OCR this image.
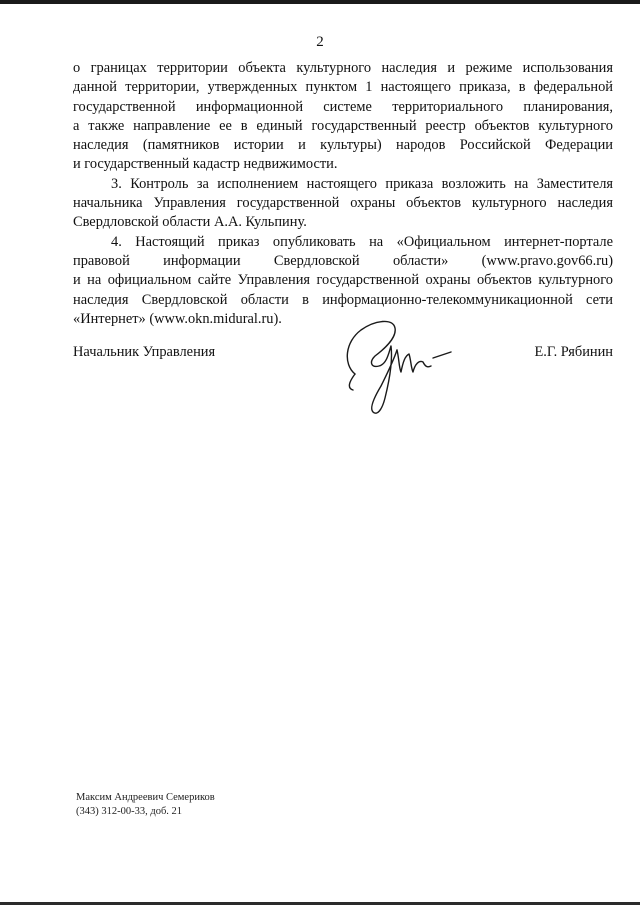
2

о границах территории объекта культурного наследия и режиме использования
данной территории, утвержденных пунктом 1 настоящего приказа, в федеральной
государственной информационной системе территориального планирования,
а также направление ее в единый государственный реестр объектов культурного
наследия (памятников истории и культуры) народов Российской Федерации
и государственный кадастр недвижимости.

3. Контроль за исполнением настоящего приказа возложить на Заместителя
начальника Управления государственной охраны объектов культурного наследия
Свердловской области А.А. Кульпину.

4. Настоящий приказ опубликовать на «Официальном интернет-портале
правовой информации Свердловской области» (www.pravo.gov66.ru)
и на официальном сайте Управления государственной охраны объектов культурного
наследия Свердловской области в информационно-телекоммуникационной сети
«Интернет» (www.okn.midural.ru).

Начальник Управления	Е.Г. Рябинин
Максим Андреевич Семериков
(343) 312-00-33, доб. 21
